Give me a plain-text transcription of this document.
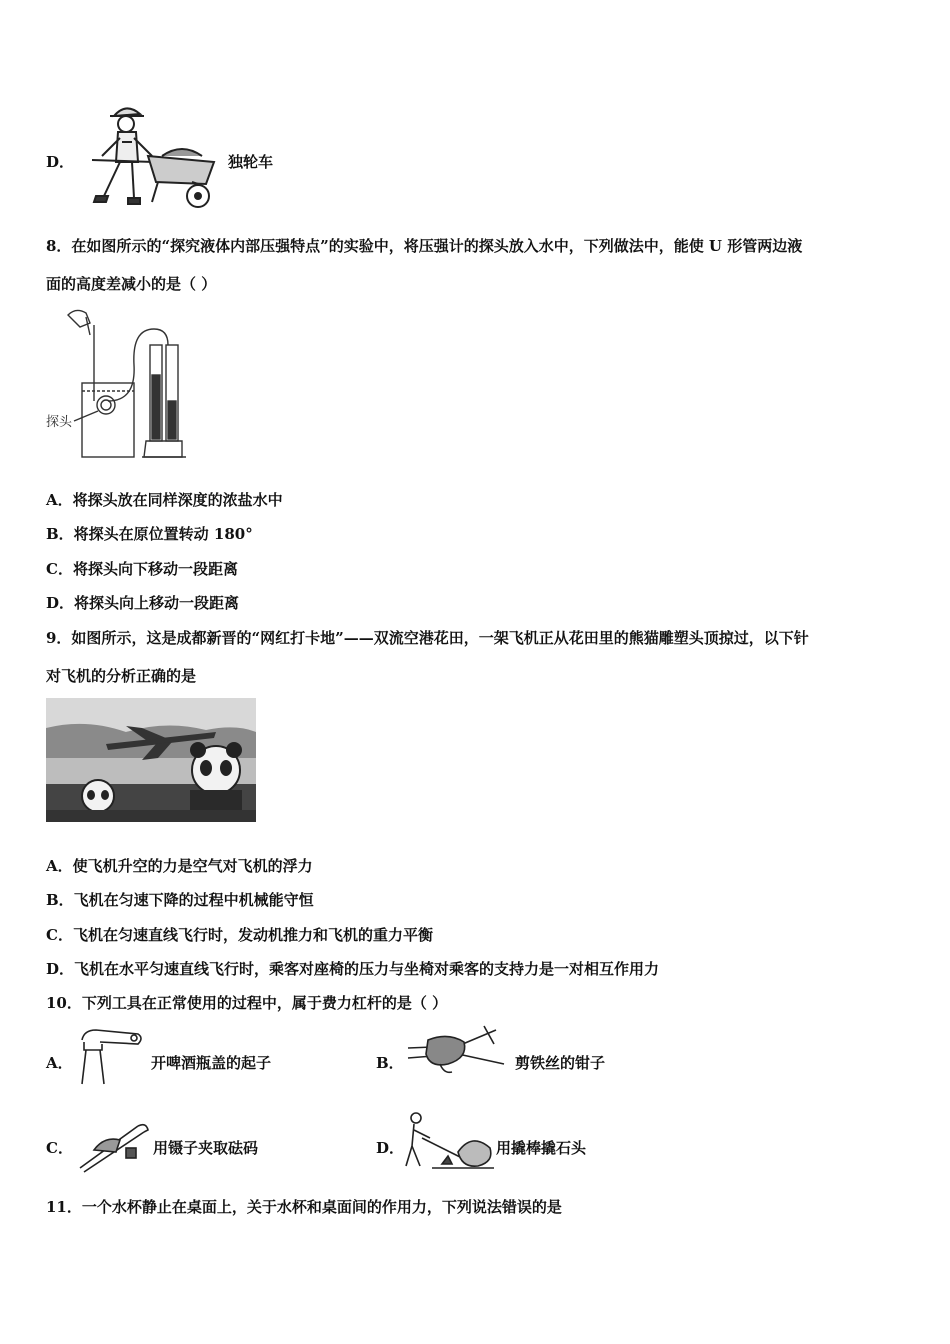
D．	独轮车
8．在如图所示的“探究液体内部压强特点”的实验中，将压强计的探头放入水中，下列做法中，能使 U 形管两边液
面的高度差减小的是（ ）
探头
A．将探头放在同样深度的浓盐水中
B．将探头在原位置转动 180°
C．将探头向下移动一段距离
D．将探头向上移动一段距离
9．如图所示，这是成都新晋的“网红打卡地”——双流空港花田，一架飞机正从花田里的熊猫雕塑头顶掠过，以下针
对飞机的分析正确的是
A．使飞机升空的力是空气对飞机的浮力
B．飞机在匀速下降的过程中机械能守恒
C．飞机在匀速直线飞行时，发动机推力和飞机的重力平衡
D．飞机在水平匀速直线飞行时，乘客对座椅的压力与坐椅对乘客的支持力是一对相互作用力
10．下列工具在正常使用的过程中，属于费力杠杆的是（ ）
A．	开啤酒瓶盖的起子	B．	剪铁丝的钳子
C．	用镊子夹取砝码	D．	用撬棒撬石头
11．一个水杯静止在桌面上，关于水杯和桌面间的作用力，下列说法错误的是
